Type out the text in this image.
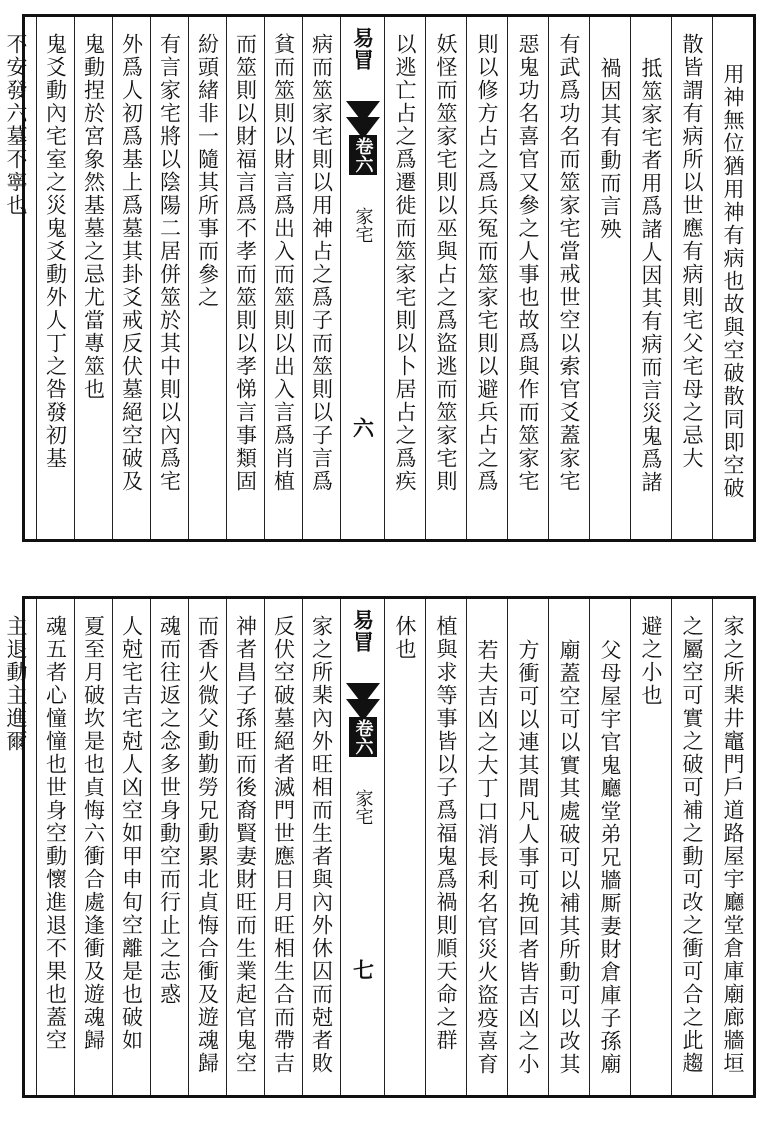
用神無位猶用神有病也故與空破散同即空破
散皆謂有病所以世應有病則宅父宅母之忌大
抵筮家宅者用爲諸人因其有病而言災鬼爲諸
禍因其有動而言殃
有武爲功名而筮家宅當戒世空以索官爻蓋家宅
惡鬼功名喜官又參之人事也故爲與作而筮家宅
則以修方占之爲兵冤而筮家宅則以避兵占之爲
妖怪而筮家宅則以巫與占之爲盜逃而筮家宅則
以逃亡占之爲遷徙而筮家宅則以卜居占之爲疾
易冒
卷六
家宅
六
病而筮家宅則以用神占之爲子而筮則以子言爲
貧而筮則以財言爲出入而筮則以出入言爲肖植
而筮則以財福言爲不孝而筮則以孝悌言事類固
紛頭緒非一隨其所事而參之
有言家宅將以陰陽二居併筮於其中則以內爲宅
外爲人初爲基上爲墓其卦爻戒反伏墓絕空破及
鬼動捏於宮象然基墓之忌尤當專筮也
鬼爻動內宅室之災鬼爻動外人丁之咎發初基
不安發六墓不寧也
家之所棐井竈門戶道路屋宇廳堂倉庫廟廊牆垣
之屬空可實之破可補之動可改之衝可合之此趨
避之小也
父母屋宇官鬼廳堂弟兄牆厮妻財倉庫子孫廟
廟蓋空可以實其處破可以補其所動可以改其
方衝可以連其間凡人事可挽回者皆吉凶之小
若夫吉凶之大丁口消長利名官災火盜疫喜育
植與求等事皆以子爲福鬼爲禍則順天命之群
休也
易冒
卷六
家宅
七
家之所棐內外旺相而生者與內外休囚而尅者敗
反伏空破墓絕者滅門世應日月旺相生合而帶吉
神者昌子孫旺而後裔賢妻財旺而生業起官鬼空
而香火微父動勤勞兄動累北貞悔合衝及遊魂歸
魂而往返之念多世身動空而行止之志惑
人尅宅吉宅尅人凶空如甲申旬空離是也破如
夏至月破坎是也貞悔六衝合處逢衝及遊魂歸
魂五者心憧憧也世身空動懷進退不果也蓋空
主退動主進爾
